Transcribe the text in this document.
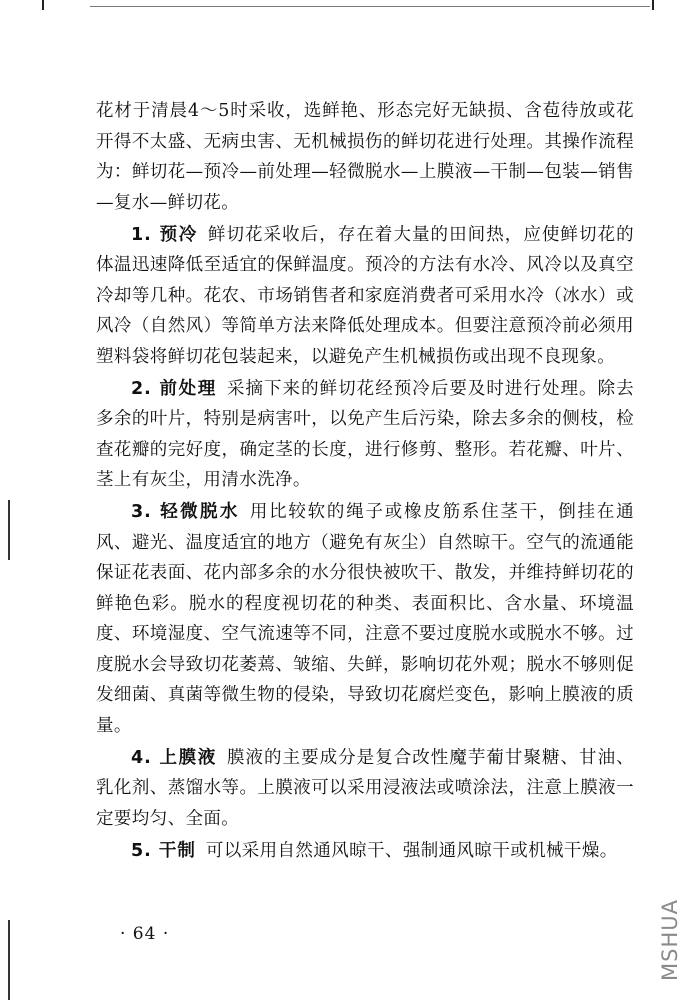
花材于清晨4～5时采收，选鲜艳、形态完好无缺损、含苞待放或花开得不太盛、无病虫害、无机械损伤的鲜切花进行处理。其操作流程为：鲜切花—预冷—前处理—轻微脱水—上膜液—干制—包装—销售—复水—鲜切花。

1. 预冷 鲜切花采收后，存在着大量的田间热，应使鲜切花的体温迅速降低至适宜的保鲜温度。预冷的方法有水冷、风冷以及真空冷却等几种。花农、市场销售者和家庭消费者可采用水冷（冰水）或风冷（自然风）等简单方法来降低处理成本。但要注意预冷前必须用塑料袋将鲜切花包装起来，以避免产生机械损伤或出现不良现象。

2. 前处理 采摘下来的鲜切花经预冷后要及时进行处理。除去多余的叶片，特别是病害叶，以免产生后污染，除去多余的侧枝，检查花瓣的完好度，确定茎的长度，进行修剪、整形。若花瓣、叶片、茎上有灰尘，用清水洗净。

3. 轻微脱水 用比较软的绳子或橡皮筋系住茎干，倒挂在通风、避光、温度适宜的地方（避免有灰尘）自然晾干。空气的流通能保证花表面、花内部多余的水分很快被吹干、散发，并维持鲜切花的鲜艳色彩。脱水的程度视切花的种类、表面积比、含水量、环境温度、环境湿度、空气流速等不同，注意不要过度脱水或脱水不够。过度脱水会导致切花萎蔫、皱缩、失鲜，影响切花外观；脱水不够则促发细菌、真菌等微生物的侵染，导致切花腐烂变色，影响上膜液的质量。

4. 上膜液 膜液的主要成分是复合改性魔芋葡甘聚糖、甘油、乳化剂、蒸馏水等。上膜液可以采用浸液法或喷涂法，注意上膜液一定要均匀、全面。

5. 干制 可以采用自然通风晾干、强制通风晾干或机械干燥。

· 64 ·	MSHUA
